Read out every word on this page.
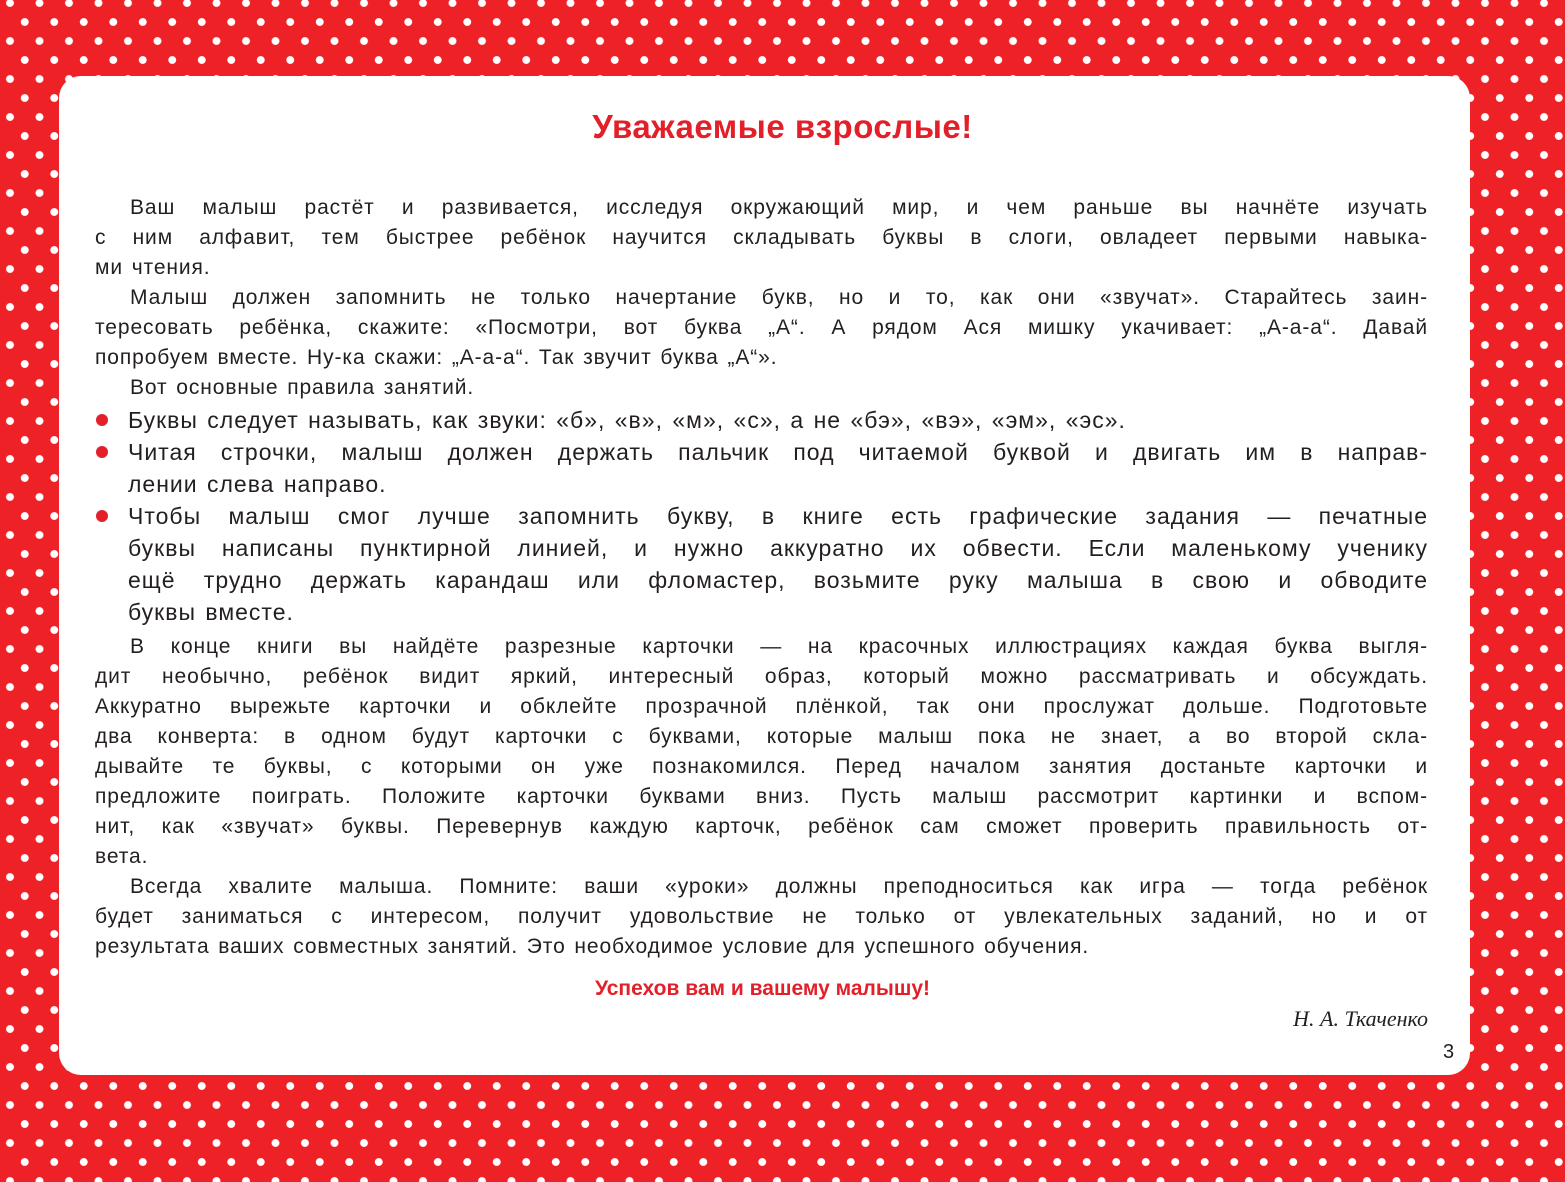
Уважаемые взрослые!
Ваш малыш растёт и развивается, исследуя окружающий мир, и чем раньше вы начнёте изучать
с ним алфавит, тем быстрее ребёнок научится складывать буквы в слоги, овладеет первыми навыка-
ми чтения.
Малыш должен запомнить не только начертание букв, но и то, как они «звучат». Старайтесь заин-
тересовать ребёнка, скажите: «Посмотри, вот буква „А“. А рядом Ася мишку укачивает: „А-а-а“. Давай
попробуем вместе. Ну-ка скажи: „А-а-а“. Так звучит буква „А“».
Вот основные правила занятий.
Буквы следует называть, как звуки: «б», «в», «м», «с», а не «бэ», «вэ», «эм», «эс».
Читая строчки, малыш должен держать пальчик под читаемой буквой и двигать им в направ-
лении слева направо.
Чтобы малыш смог лучше запомнить букву, в книге есть графические задания — печатные
буквы написаны пунктирной линией, и нужно аккуратно их обвести. Если маленькому ученику
ещё трудно держать карандаш или фломастер, возьмите руку малыша в свою и обводите
буквы вместе.
В конце книги вы найдёте разрезные карточки — на красочных иллюстрациях каждая буква выгля-
дит необычно, ребёнок видит яркий, интересный образ, который можно рассматривать и обсуждать.
Аккуратно вырежьте карточки и обклейте прозрачной плёнкой, так они прослужат дольше. Подготовьте
два конверта: в одном будут карточки с буквами, которые малыш пока не знает, а во второй скла-
дывайте те буквы, с которыми он уже познакомился. Перед началом занятия достаньте карточки и
предложите поиграть. Положите карточки буквами вниз. Пусть малыш рассмотрит картинки и вспом-
нит, как «звучат» буквы. Перевернув каждую карточк, ребёнок сам сможет проверить правильность от-
вета.
Всегда хвалите малыша. Помните: ваши «уроки» должны преподноситься как игра — тогда ребёнок
будет заниматься с интересом, получит удовольствие не только от увлекательных заданий, но и от
результата ваших совместных занятий. Это необходимое условие для успешного обучения.
Успехов вам и вашему малышу!
Н. А. Ткаченко
3
